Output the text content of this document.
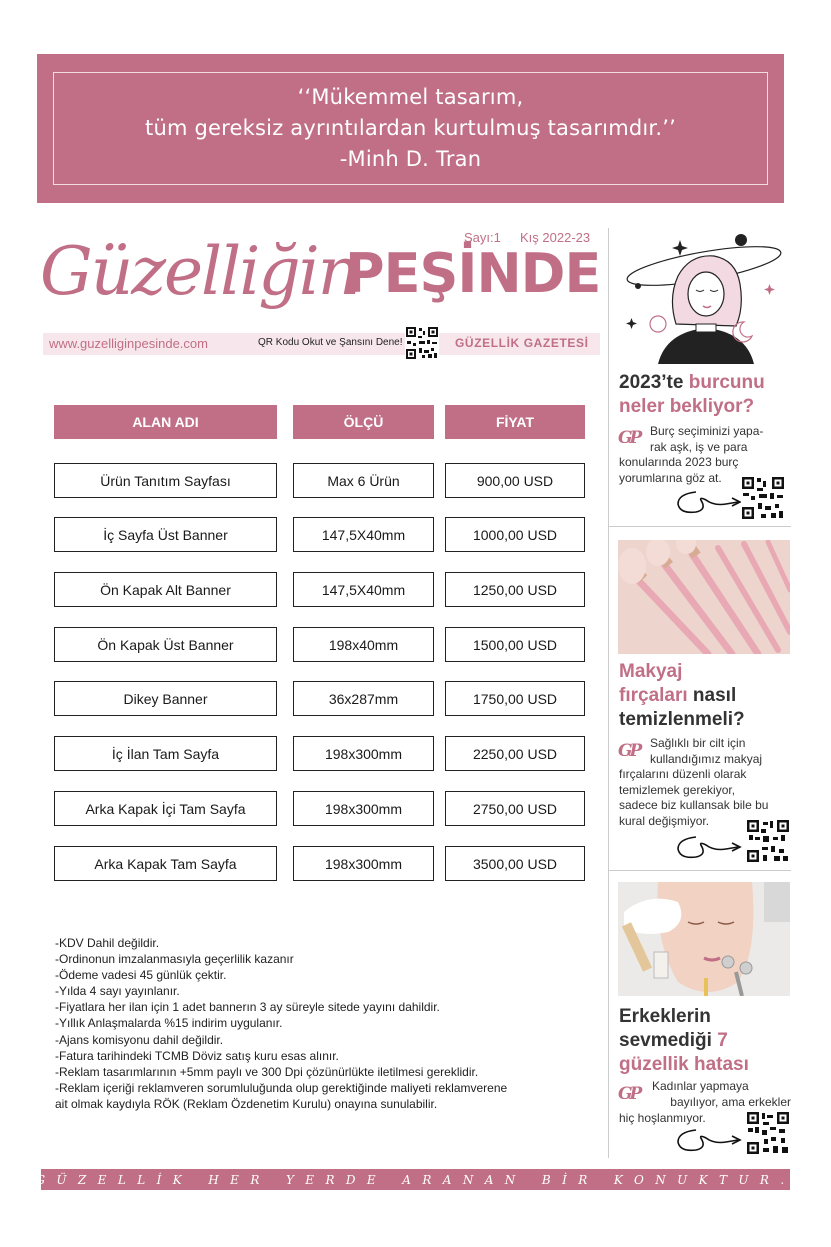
‘‘Mükemmel tasarım,
tüm gereksiz ayrıntılardan kurtulmuş tasarımdır.’’
-Minh D. Tran
Güzelliğin
PEŞİNDE
Sayı:1 Kış 2022-23
www.guzelliginpesinde.com	QR Kodu Okut ve Şansını Dene!	GÜZELLİK GAZETESİ
ALAN ADI	ÖLÇÜ	FİYAT
Ürün Tanıtım Sayfası	Max 6 Ürün	900,00 USD
İç Sayfa Üst Banner	147,5X40mm	1000,00 USD
Ön Kapak Alt Banner	147,5X40mm	1250,00 USD
Ön Kapak Üst Banner	198x40mm	1500,00 USD
Dikey Banner	36x287mm	1750,00 USD
İç İlan Tam Sayfa	198x300mm	2250,00 USD
Arka Kapak İçi Tam Sayfa	198x300mm	2750,00 USD
Arka Kapak Tam Sayfa	198x300mm	3500,00 USD
-KDV Dahil değildir.
-Ordinonun imzalanmasıyla geçerlilik kazanır
-Ödeme vadesi 45 günlük çektir.
-Yılda 4 sayı yayınlanır.
-Fiyatlara her ilan için 1 adet bannerın 3 ay süreyle sitede yayını dahildir.
-Yıllık Anlaşmalarda %15 indirim uygulanır.
-Ajans komisyonu dahil değildir.
-Fatura tarihindeki TCMB Döviz satış kuru esas alınır.
-Reklam tasarımlarının +5mm paylı ve 300 Dpi çözünürlükte iletilmesi gereklidir.
-Reklam içeriği reklamveren sorumluluğunda olup gerektiğinde maliyeti reklamverene
ait olmak kaydıyla RÖK (Reklam Özdenetim Kurulu) onayına sunulabilir.
2023’te burcunu
neler bekliyor?
GP Burç seçiminizi yapa-
rak aşk, iş ve para
konularında 2023 burç
yorumlarına göz at.
Makyaj
fırçaları nasıl
temizlenmeli?
GP Sağlıklı bir cilt için
kullandığımız makyaj
fırçalarını düzenli olarak
temizlemek gerekiyor,
sadece biz kullansak bile bu
kural değişmiyor.
Erkeklerin
sevmediği 7
güzellik hatası
GP Kadınlar yapmaya
bayılıyor, ama erkekler
hiç hoşlanmıyor.
GÜZELLİK HER YERDE ARANAN BİR KONUKTUR.
